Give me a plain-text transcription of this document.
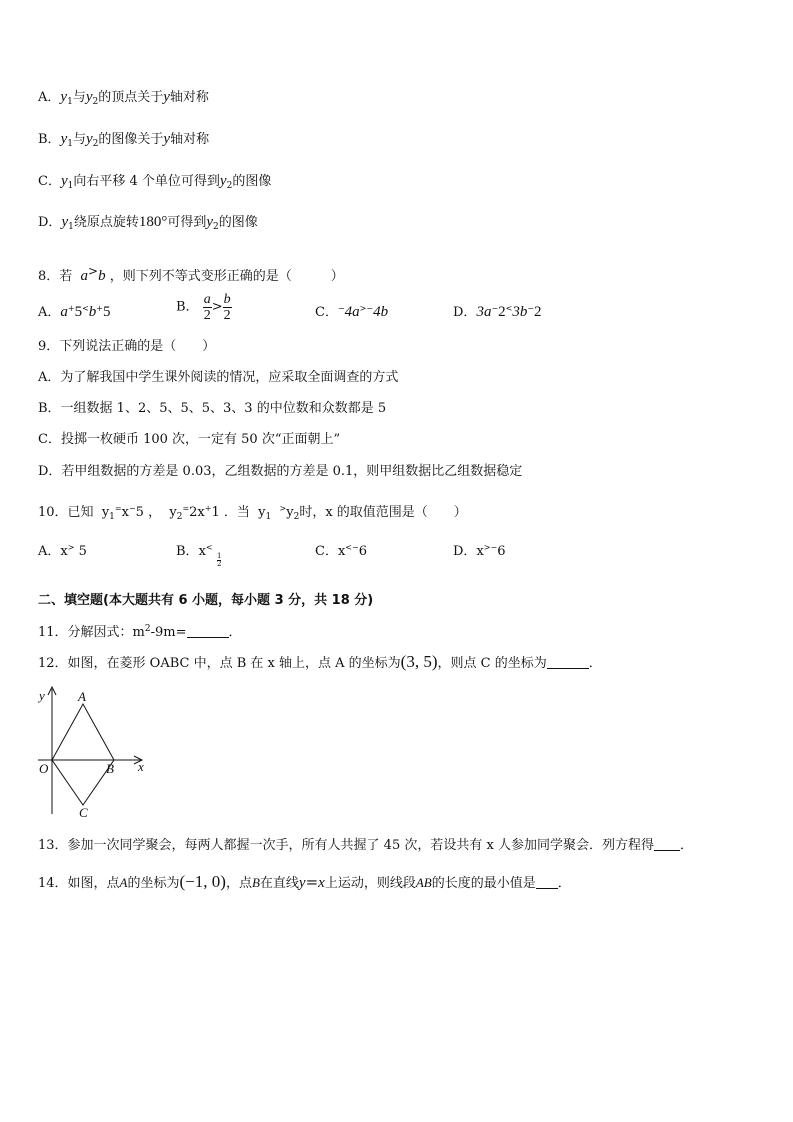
A．$y_1$与$y_2$的顶点关于y轴对称
B．$y_1$与$y_2$的图像关于y轴对称
C．$y_1$向右平移 4 个单位可得到$y_2$的图像
D．$y_1$绕原点旋转180°可得到$y_2$的图像
8．若 a>b ，则下列不等式变形正确的是（　　　）
A．a+5<b+5	B． $\frac{a}{2} > \frac{b}{2}$	C．−4a>−4b	D．3a−2<3b−2
9．下列说法正确的是（　　）
A．为了解我国中学生课外阅读的情况，应采取全面调查的方式
B．一组数据 1、2、5、5、5、3、3 的中位数和众数都是 5
C．投掷一枚硬币 100 次，一定有 50 次“正面朝上”
D．若甲组数据的方差是 0.03，乙组数据的方差是 0.1，则甲组数据比乙组数据稳定
10．已知 $y_1^=x^-5$ ， $y_2^=2x^+1$ ．当 $y_1$  $^>y_2$时，x 的取值范围是（　　）
A．x> 5	B．x<
1
2
C．x<−6	D．x>−6
二、填空题(本大题共有 6 小题，每小题 3 分，共 18 分)
11．分解因式：$m^2-9m=$	．
12．如图，在菱形 OABC 中，点 B 在 x 轴上，点 A 的坐标为(3, 5)，则点 C 的坐标为	．
y
x
O
A
B
C
13．参加一次同学聚会，每两人都握一次手，所有人共握了 45 次，若设共有 x 人参加同学聚会．列方程得 ．
14．如图，点A的坐标为(−1, 0)，点B在直线y=x上运动，则线段AB的长度的最小值是 ．
